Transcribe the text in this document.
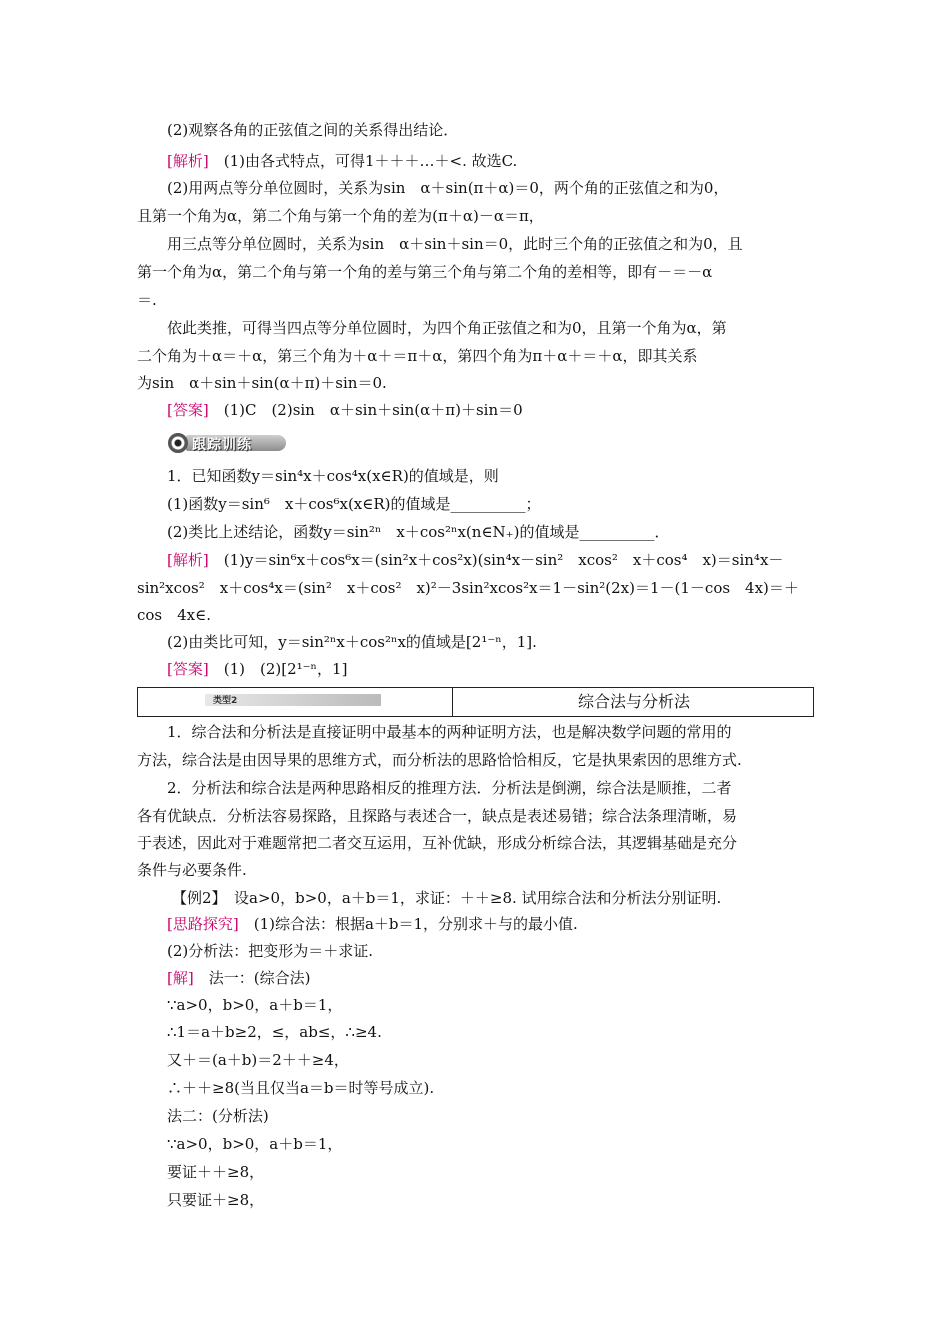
(2)观察各角的正弦值之间的关系得出结论．
[解析]　(1)由各式特点，可得1＋＋＋…＋<. 故选C.
(2)用两点等分单位圆时，关系为sin　α＋sin(π＋α)＝0，两个角的正弦值之和为0，
且第一个角为α，第二个角与第一个角的差为(π＋α)－α＝π，
用三点等分单位圆时，关系为sin　α＋sin＋sin＝0，此时三个角的正弦值之和为0，且
第一个角为α，第二个角与第一个角的差与第三个角与第二个角的差相等，即有－＝－α
＝.
依此类推，可得当四点等分单位圆时，为四个角正弦值之和为0，且第一个角为α，第
二个角为＋α＝＋α，第三个角为＋α＋＝π＋α，第四个角为π＋α＋＝＋α，即其关系
为sin　α＋sin＋sin(α＋π)＋sin＝0.
[答案]　(1)C　(2)sin　α＋sin＋sin(α＋π)＋sin＝0
跟踪训练
1．已知函数y＝sin⁴x＋cos⁴x(x∈R)的值域是，则
(1)函数y＝sin⁶　x＋cos⁶x(x∈R)的值域是__________；
(2)类比上述结论，函数y＝sin²ⁿ　x＋cos²ⁿx(n∈N₊)的值域是__________．
[解析]　(1)y＝sin⁶x＋cos⁶x＝(sin²x＋cos²x)(sin⁴x－sin²　xcos²　x＋cos⁴　x)＝sin⁴x－
sin²xcos²　x＋cos⁴x＝(sin²　x＋cos²　x)²－3sin²xcos²x＝1－sin²(2x)＝1－(1－cos　4x)＝＋
cos　4x∈.
(2)由类比可知，y＝sin²ⁿx＋cos²ⁿx的值域是[2¹⁻ⁿ，1].
[答案]　(1)　(2)[2¹⁻ⁿ，1]
类型2	综合法与分析法
1．综合法和分析法是直接证明中最基本的两种证明方法，也是解决数学问题的常用的
方法，综合法是由因导果的思维方式，而分析法的思路恰恰相反，它是执果索因的思维方式.
2．分析法和综合法是两种思路相反的推理方法．分析法是倒溯，综合法是顺推，二者
各有优缺点．分析法容易探路，且探路与表述合一，缺点是表述易错；综合法条理清晰，易
于表述，因此对于难题常把二者交互运用，互补优缺，形成分析综合法，其逻辑基础是充分
条件与必要条件.
【例2】　设a>0，b>0，a＋b＝1，求证：＋＋≥8. 试用综合法和分析法分别证明.
[思路探究]　(1)综合法：根据a＋b＝1，分别求＋与的最小值.
(2)分析法：把变形为＝＋求证.
[解]　法一：(综合法)
∵a>0，b>0，a＋b＝1，
∴1＝a＋b≥2，≤，ab≤，∴≥4.
又＋＝(a＋b)＝2＋＋≥4，
∴＋＋≥8(当且仅当a＝b＝时等号成立).
法二：(分析法)
∵a>0，b>0，a＋b＝1，
要证＋＋≥8，
只要证＋≥8，
